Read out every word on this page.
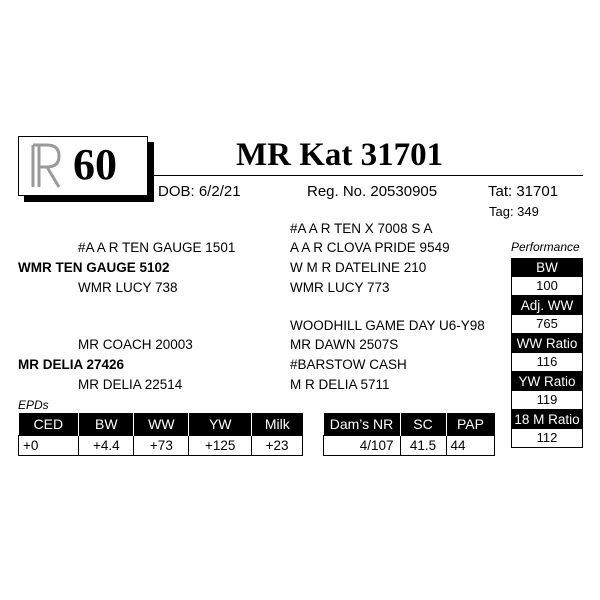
60	MR Kat 31701
DOB: 6/2/21	Reg. No. 20530905	Tat: 31701
Tag: 349
#A A R TEN GAUGE 1501
WMR TEN GAUGE 5102
WMR LUCY 738
MR COACH 20003
MR DELIA 27426
MR DELIA 22514
#A A R TEN X 7008 S A
A A R CLOVA PRIDE 9549
W M R DATELINE 210
WMR LUCY 773
WOODHILL GAME DAY U6-Y98
MR DAWN 2507S
#BARSTOW CASH
M R DELIA 5711
Performance
BW
100
Adj. WW
765
WW Ratio
116
YW Ratio
119
18 M Ratio
112
EPDs
CED	BW	WW	YW	Milk
+0	+4.4	+73	+125	+23
Dam’s NR	SC	PAP
4/107	41.5	44
